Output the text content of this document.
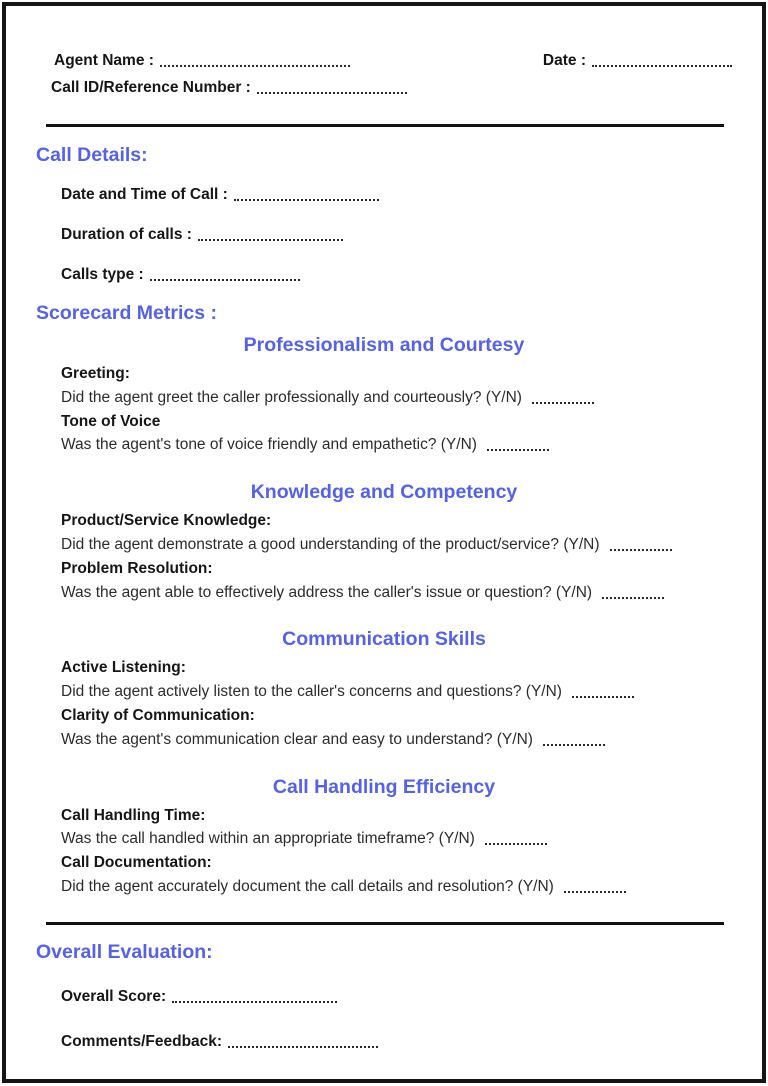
Agent Name :	Date :
Call ID/Reference Number :
Call Details:
Date and Time of Call :
Duration of calls :
Calls type :
Scorecard Metrics :
Professionalism and Courtesy
Greeting:
Did the agent greet the caller professionally and courteously? (Y/N)
Tone of Voice
Was the agent's tone of voice friendly and empathetic? (Y/N)
Knowledge and Competency
Product/Service Knowledge:
Did the agent demonstrate a good understanding of the product/service? (Y/N)
Problem Resolution:
Was the agent able to effectively address the caller's issue or question? (Y/N)
Communication Skills
Active Listening:
Did the agent actively listen to the caller's concerns and questions? (Y/N)
Clarity of Communication:
Was the agent's communication clear and easy to understand? (Y/N)
Call Handling Efficiency
Call Handling Time:
Was the call handled within an appropriate timeframe? (Y/N)
Call Documentation:
Did the agent accurately document the call details and resolution? (Y/N)
Overall Evaluation:
Overall Score:
Comments/Feedback:
